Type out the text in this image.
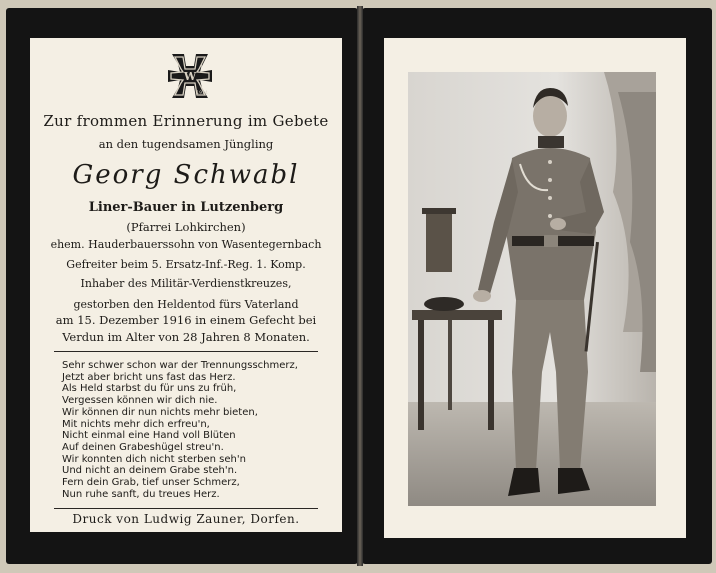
W
1914
Zur frommen Erinnerung im Gebete
an den tugendsamen Jüngling
Georg Schwabl
Liner-Bauer in Lutzenberg
(Pfarrei Lohkirchen)
ehem. Hauderbauerssohn von Wasentegernbach
Gefreiter beim 5. Ersatz-Inf.-Reg. 1. Komp.
Inhaber des Militär-Verdienstkreuzes,
gestorben den Heldentod fürs Vaterland
am 15. Dezember 1916 in einem Gefecht bei
Verdun im Alter von 28 Jahren 8 Monaten.
Sehr schwer schon war der Trennungsschmerz,
Jetzt aber bricht uns fast das Herz.
Als Held starbst du für uns zu früh,
Vergessen können wir dich nie.
Wir können dir nun nichts mehr bieten,
Mit nichts mehr dich erfreu'n,
Nicht einmal eine Hand voll Blüten
Auf deinen Grabeshügel streu'n.
Wir konnten dich nicht sterben seh'n
Und nicht an deinem Grabe steh'n.
Fern dein Grab, tief unser Schmerz,
Nun ruhe sanft, du treues Herz.
Druck von Ludwig Zauner, Dorfen.
